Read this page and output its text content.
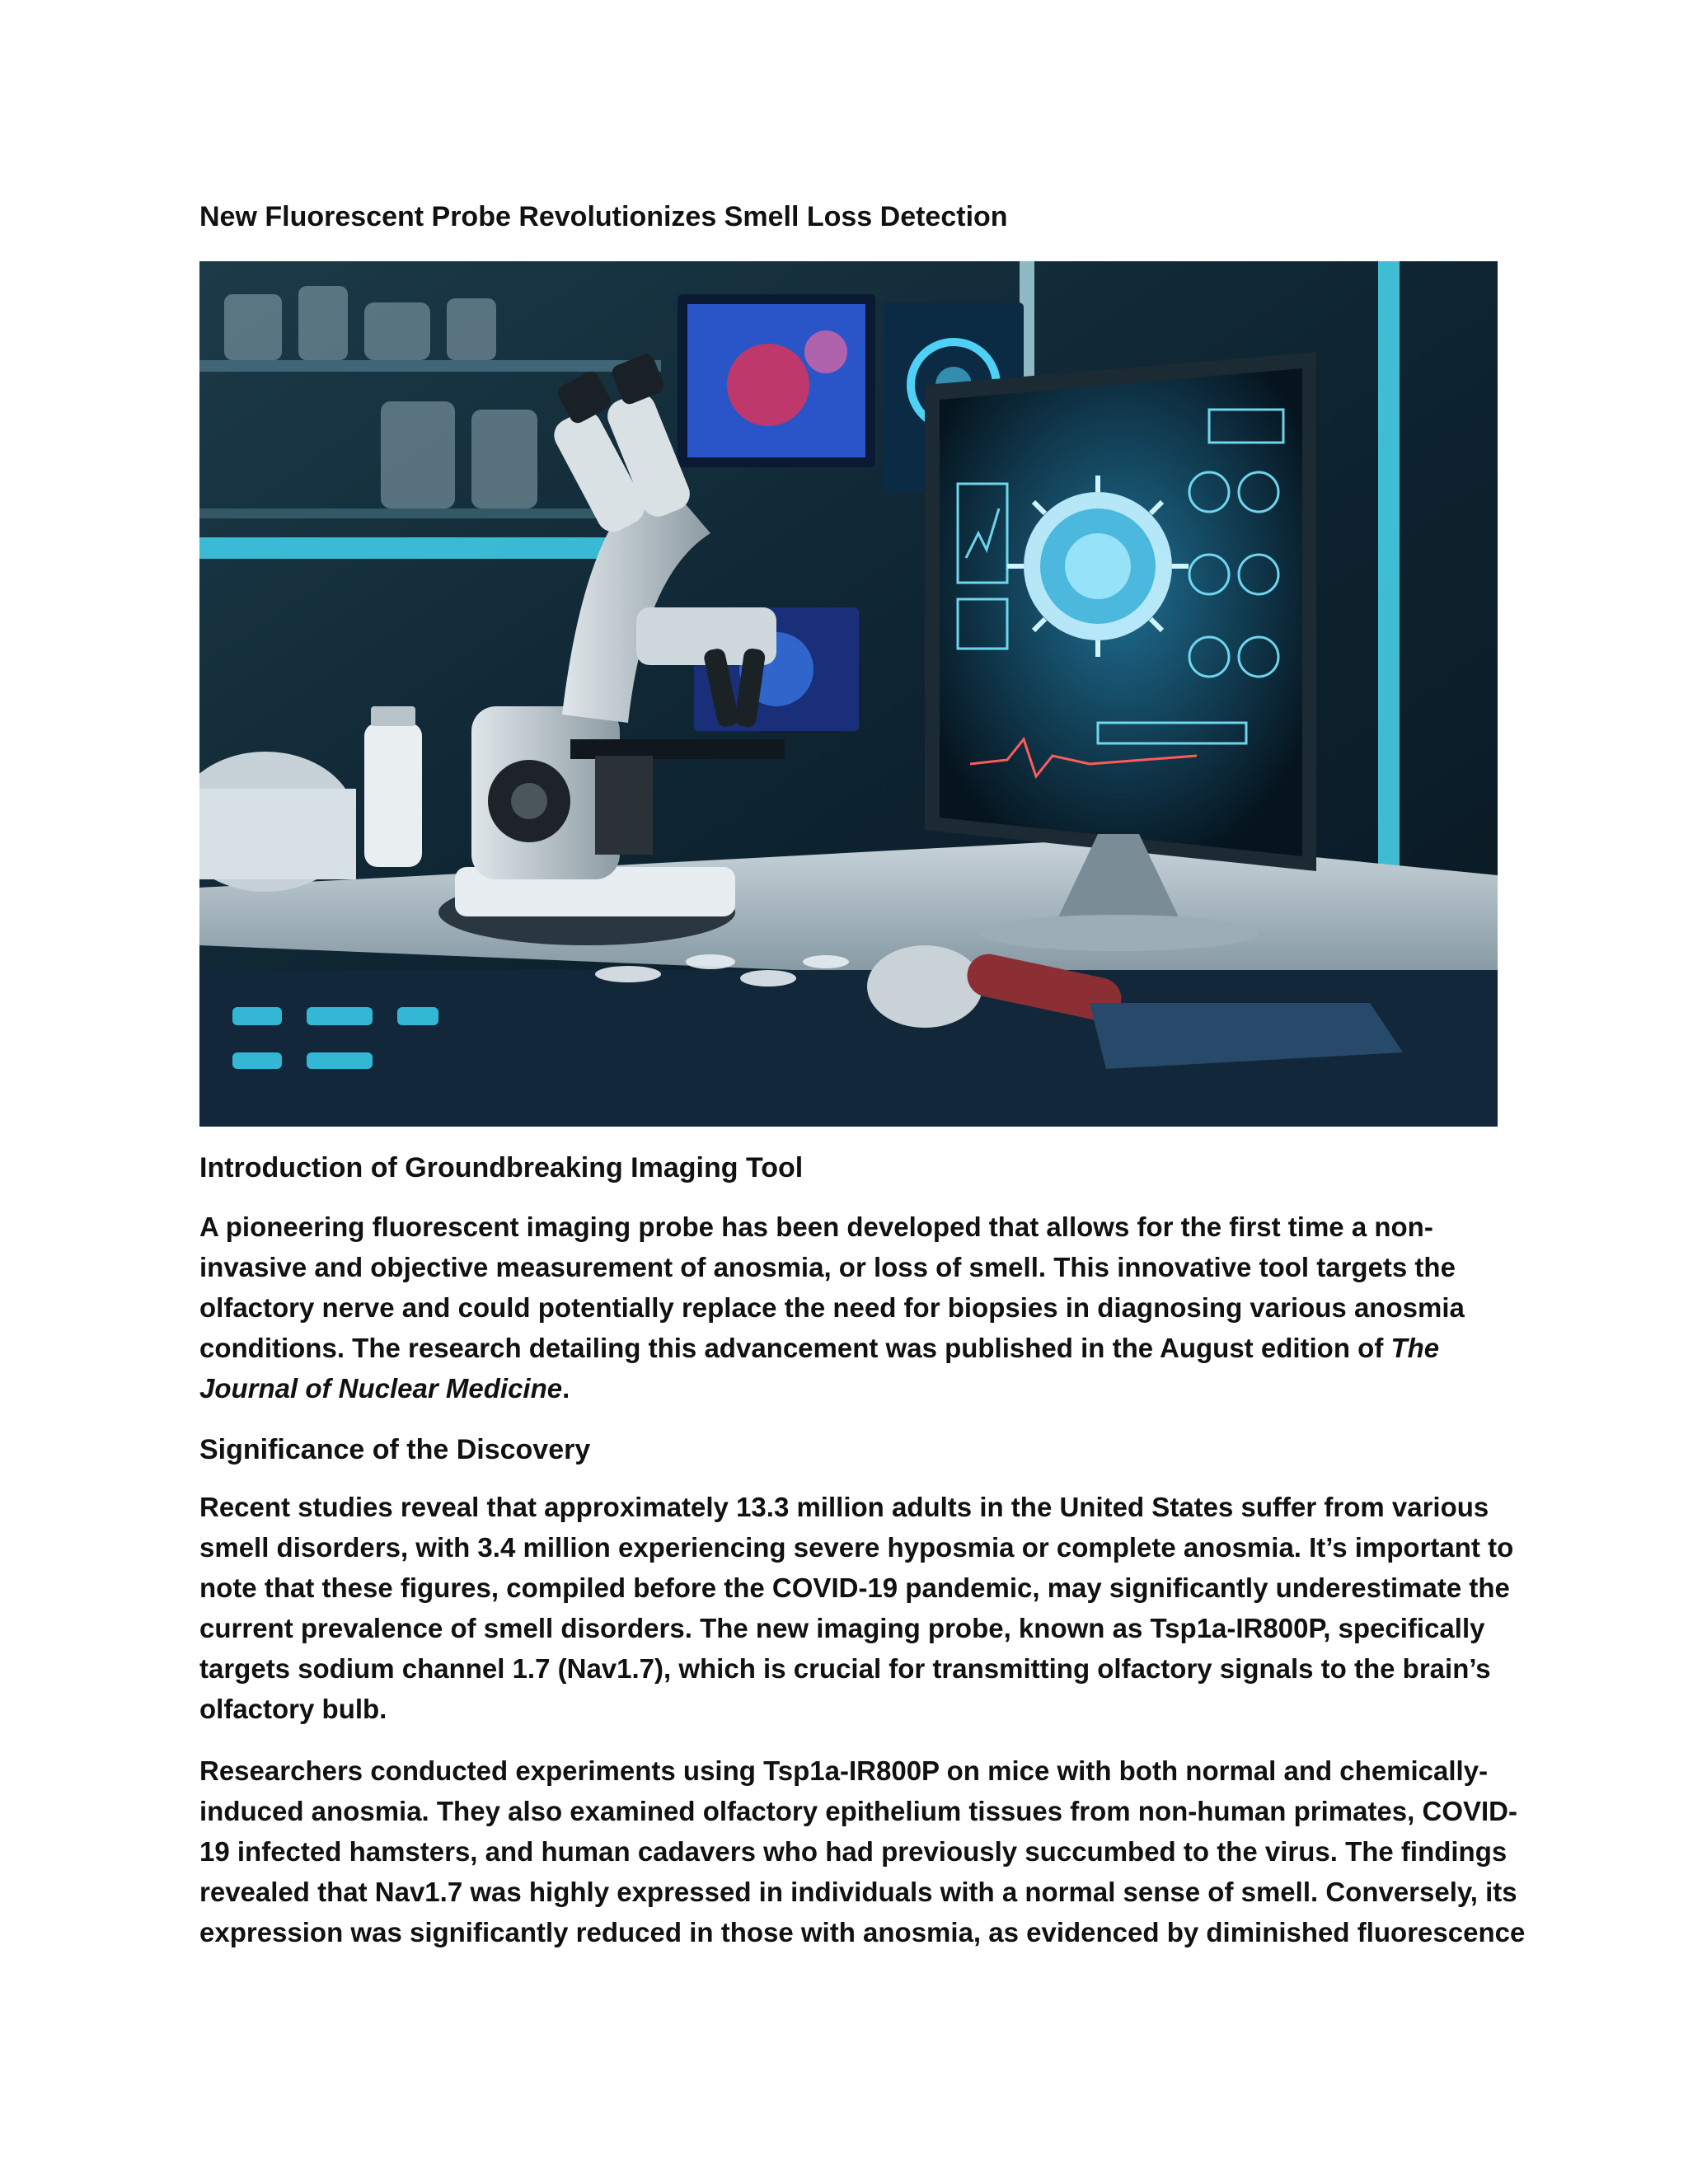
New Fluorescent Probe Revolutionizes Smell Loss Detection
Introduction of Groundbreaking Imaging Tool
A pioneering fluorescent imaging probe has been developed that allows for the first time a non-
invasive and objective measurement of anosmia, or loss of smell. This innovative tool targets the
olfactory nerve and could potentially replace the need for biopsies in diagnosing various anosmia
conditions. The research detailing this advancement was published in the August edition of The
Journal of Nuclear Medicine.
Significance of the Discovery
Recent studies reveal that approximately 13.3 million adults in the United States suffer from various
smell disorders, with 3.4 million experiencing severe hyposmia or complete anosmia. It’s important to
note that these figures, compiled before the COVID-19 pandemic, may significantly underestimate the
current prevalence of smell disorders. The new imaging probe, known as Tsp1a-IR800P, specifically
targets sodium channel 1.7 (Nav1.7), which is crucial for transmitting olfactory signals to the brain’s
olfactory bulb.
Researchers conducted experiments using Tsp1a-IR800P on mice with both normal and chemically-
induced anosmia. They also examined olfactory epithelium tissues from non-human primates, COVID-
19 infected hamsters, and human cadavers who had previously succumbed to the virus. The findings
revealed that Nav1.7 was highly expressed in individuals with a normal sense of smell. Conversely, its
expression was significantly reduced in those with anosmia, as evidenced by diminished fluorescence
